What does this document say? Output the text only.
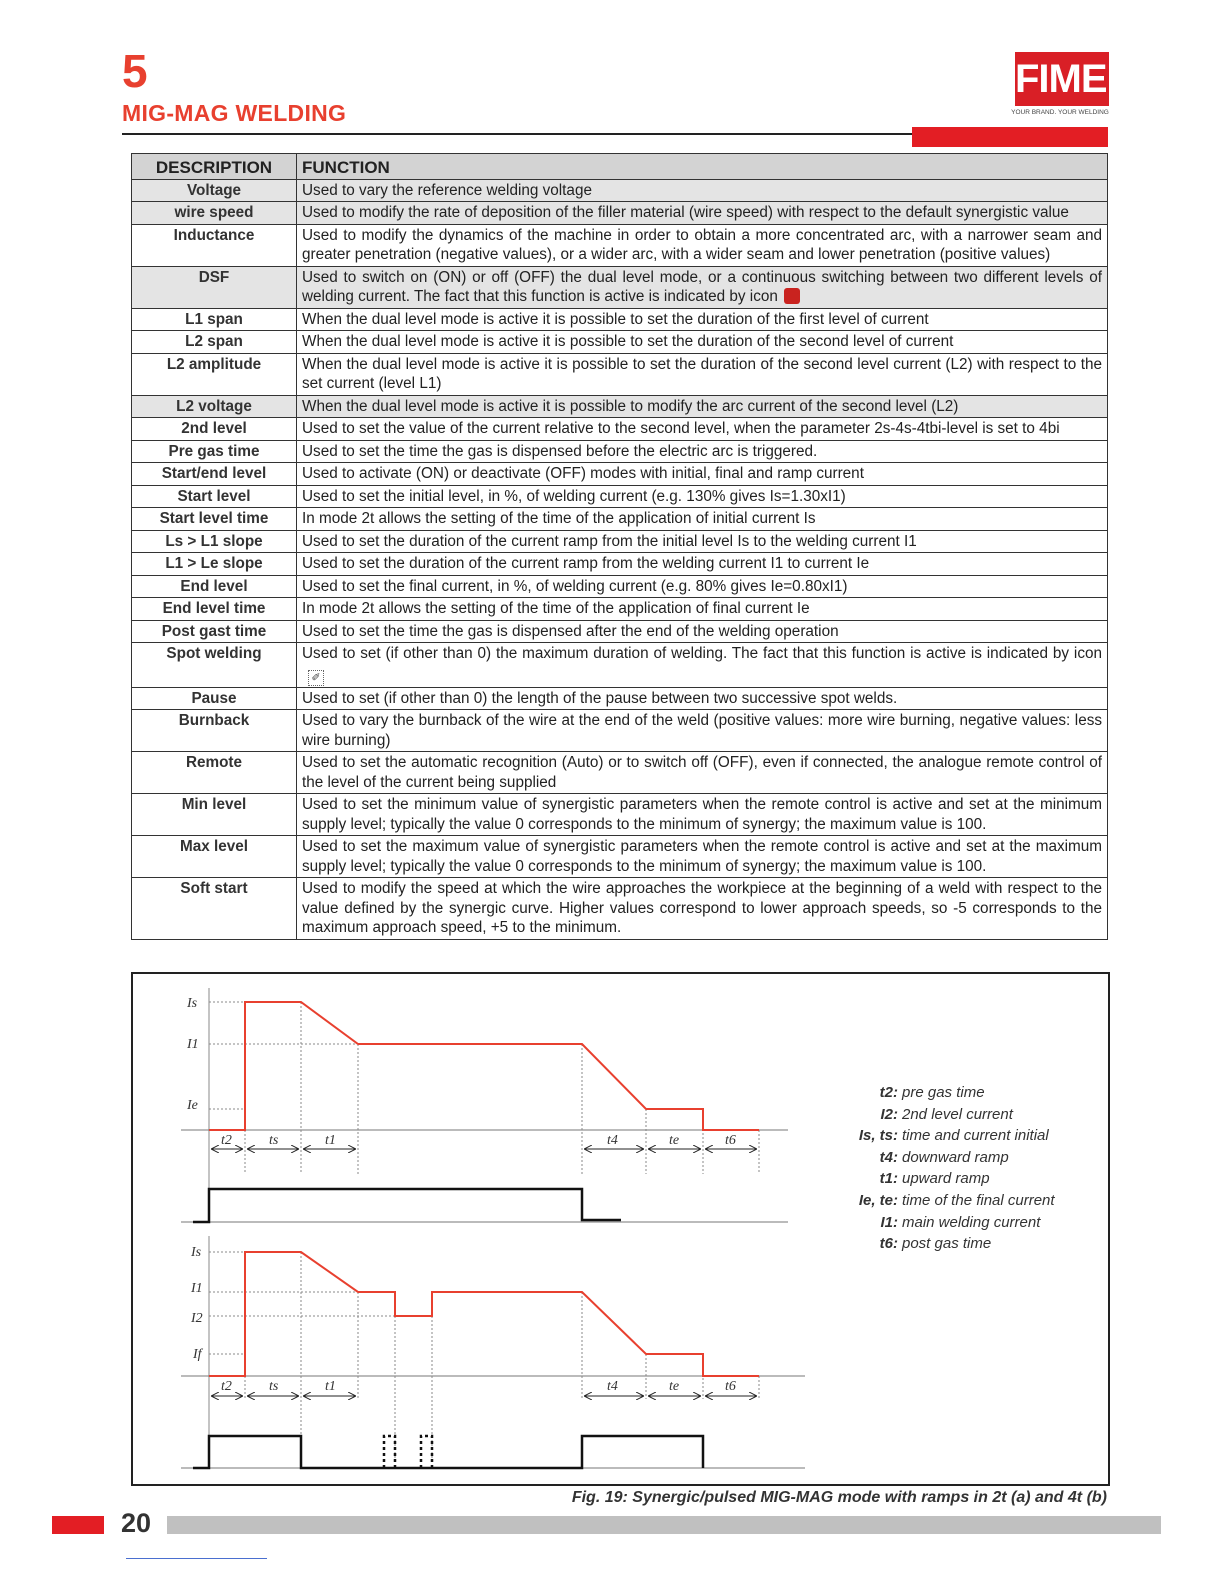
5
MIG-MAG WELDING
FIMER
YOUR BRAND. YOUR WELDING
DESCRIPTION	FUNCTION
Voltage	Used to vary the reference welding voltage
wire speed	Used to modify the rate of deposition of the filler material (wire speed) with respect to the default synergistic value
Inductance	Used to modify the dynamics of the machine in order to obtain a more concentrated arc, with a narrower seam and greater penetration (negative values), or a wider arc, with a wider seam and lower penetration (positive values)
DSF	Used to switch on (ON) or off (OFF) the dual level mode, or a continuous switching between two different levels of welding current. The fact that this function is active is indicated by icon
L1 span	When the dual level mode is active it is possible to set the duration of the first level of current
L2 span	When the dual level mode is active it is possible to set the duration of the second level of current
L2 amplitude	When the dual level mode is active it is possible to set the duration of the second level current (L2) with respect to the set current (level L1)
L2 voltage	When the dual level mode is active it is possible to modify the arc current of the second level (L2)
2nd level	Used to set the value of the current relative to the second level, when the parameter 2s-4s-4tbi-level is set to 4bi
Pre gas time	Used to set the time the gas is dispensed before the electric arc is triggered.
Start/end level	Used to activate (ON) or deactivate (OFF) modes with initial, final and ramp current
Start level	Used to set the initial level, in %, of welding current (e.g. 130% gives Is=1.30xI1)
Start level time	In mode 2t allows the setting of the time of the application of initial current Is
Ls > L1 slope	Used to set the duration of the current ramp from the initial level Is to the welding current I1
L1 > Le slope	Used to set the duration of the current ramp from the welding current I1 to current Ie
End level	Used to set the final current, in %, of welding current (e.g. 80% gives Ie=0.80xI1)
End level time	In mode 2t allows the setting of the time of the application of final current Ie
Post gast time	Used to set the time the gas is dispensed after the end of the welding operation
Spot welding	Used to set (if other than 0) the maximum duration of welding. The fact that this function is active is indicated by icon✐
Pause	Used to set (if other than 0) the length of the pause between two successive spot welds.
Burnback	Used to vary the burnback of the wire at the end of the weld (positive values: more wire burning, negative values: less wire burning)
Remote	Used to set the automatic recognition (Auto) or to switch off (OFF), even if connected, the analogue remote control of the level of the current being supplied
Min level	Used to set the minimum value of synergistic parameters when the remote control is active and set at the minimum supply level; typically the value 0 corresponds to the minimum of synergy; the maximum value is 100.
Max level	Used to set the maximum value of synergistic parameters when the remote control is active and set at the maximum supply level; typically the value 0 corresponds to the minimum of synergy; the maximum value is 100.
Soft start	Used to modify the speed at which the wire approaches the workpiece at the beginning of a weld with respect to the value defined by the synergic curve. Higher values correspond to lower approach speeds, so -5 corresponds to the maximum approach speed, +5 to the minimum.
Is
I1
Ie
t2	ts	t1	t4	te	t6
Is
I1
I2
If
t2	ts	t1	t4	te	t6
t2: pre gas time
I2: 2nd level current
Is, ts: time and current initial
t4: downward ramp
t1: upward ramp
Ie, te: time of the final current
I1: main welding current
t6: post gas time
Fig. 19: Synergic/pulsed MIG-MAG mode with ramps in 2t (a) and 4t (b)
20
